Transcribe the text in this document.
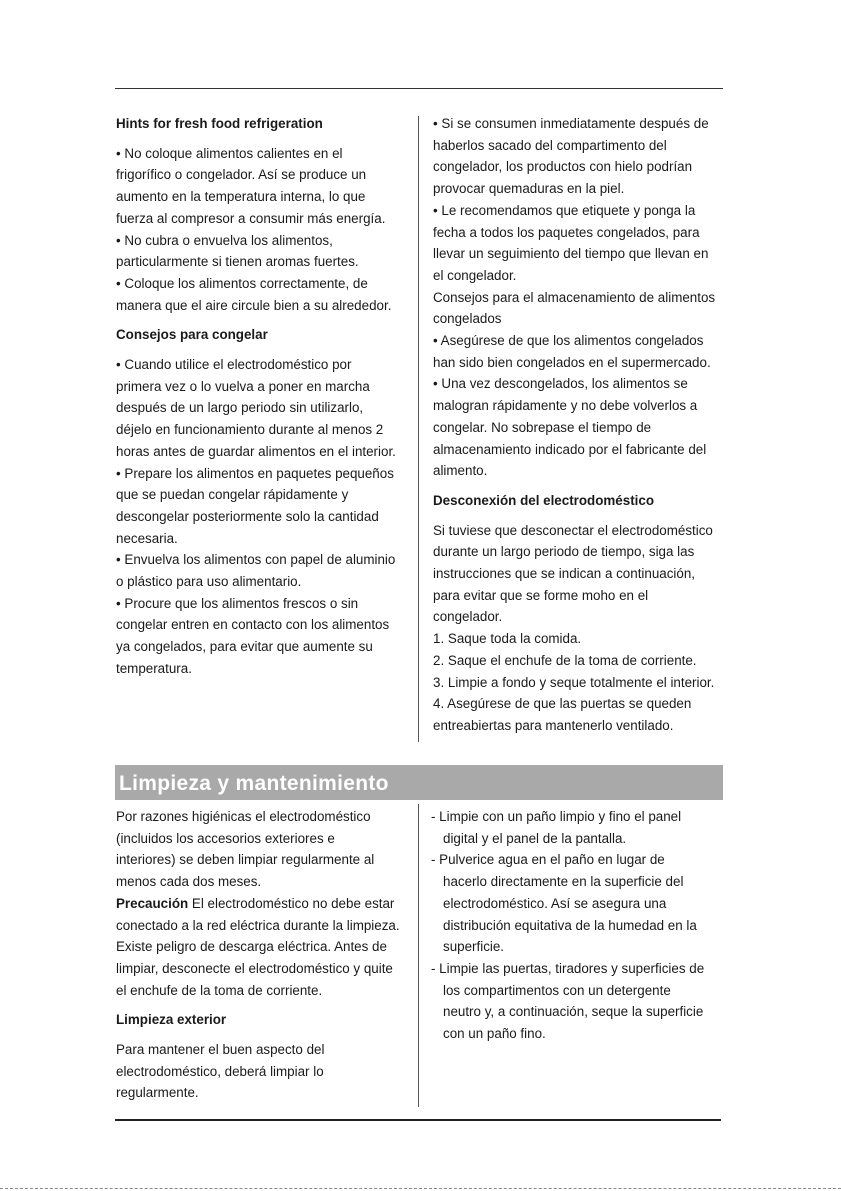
Hints for fresh food refrigeration

• No coloque alimentos calientes en el

frigorífico o congelador. Así se produce un

aumento en la temperatura interna, lo que

fuerza al compresor a consumir más energía.

• No cubra o envuelva los alimentos,

particularmente si tienen aromas fuertes.

• Coloque los alimentos correctamente, de

manera que el aire circule bien a su alrededor.

Consejos para congelar

• Cuando utilice el electrodoméstico por

primera vez o lo vuelva a poner en marcha

después de un largo periodo sin utilizarlo,

déjelo en funcionamiento durante al menos 2

horas antes de guardar alimentos en el interior.

• Prepare los alimentos en paquetes pequeños

que se puedan congelar rápidamente y

descongelar posteriormente solo la cantidad

necesaria.

• Envuelva los alimentos con papel de aluminio

o plástico para uso alimentario.

• Procure que los alimentos frescos o sin

congelar entren en contacto con los alimentos

ya congelados, para evitar que aumente su

temperatura.

• Si se consumen inmediatamente después de

haberlos sacado del compartimento del

congelador, los productos con hielo podrían

provocar quemaduras en la piel.

• Le recomendamos que etiquete y ponga la

fecha a todos los paquetes congelados, para

llevar un seguimiento del tiempo que llevan en

el congelador.

Consejos para el almacenamiento de alimentos

congelados

• Asegúrese de que los alimentos congelados

han sido bien congelados en el supermercado.

• Una vez descongelados, los alimentos se

malogran rápidamente y no debe volverlos a

congelar. No sobrepase el tiempo de

almacenamiento indicado por el fabricante del

alimento.

Desconexión del electrodoméstico

Si tuviese que desconectar el electrodoméstico

durante un largo periodo de tiempo, siga las

instrucciones que se indican a continuación,

para evitar que se forme moho en el

congelador.

1. Saque toda la comida.

2. Saque el enchufe de la toma de corriente.

3. Limpie a fondo y seque totalmente el interior.

4. Asegúrese de que las puertas se queden

entreabiertas para mantenerlo ventilado.

Limpieza y mantenimiento

Por razones higiénicas el electrodoméstico

(incluidos los accesorios exteriores e

interiores) se deben limpiar regularmente al

menos cada dos meses.

Precaución El electrodoméstico no debe estar

conectado a la red eléctrica durante la limpieza.

Existe peligro de descarga eléctrica. Antes de

limpiar, desconecte el electrodoméstico y quite

el enchufe de la toma de corriente.

Limpieza exterior

Para mantener el buen aspecto del

electrodoméstico, deberá limpiar lo

regularmente.

- Limpie con un paño limpio y fino el panel

digital y el panel de la pantalla.

- Pulverice agua en el paño en lugar de

hacerlo directamente en la superficie del

electrodoméstico. Así se asegura una

distribución equitativa de la humedad en la

superficie.

- Limpie las puertas, tiradores y superficies de

los compartimentos con un detergente

neutro y, a continuación, seque la superficie

con un paño fino.
